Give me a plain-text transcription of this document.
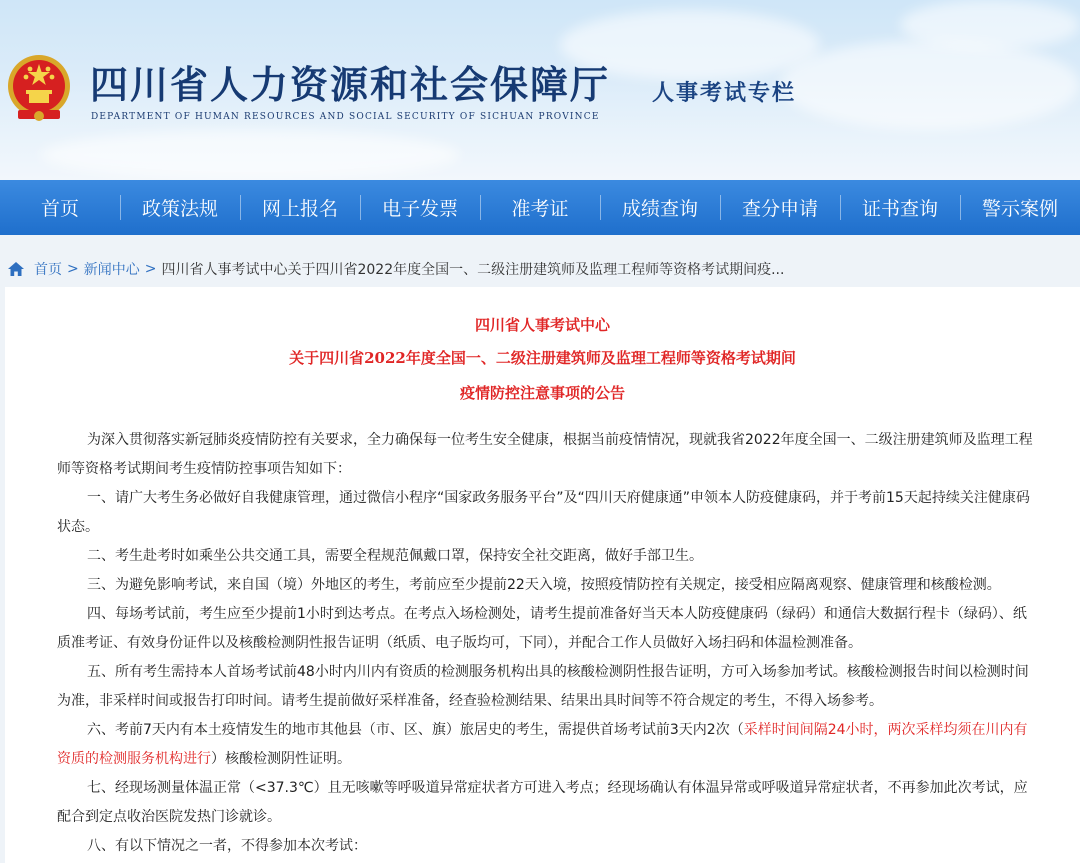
四川省人力资源和社会保障厅
DEPARTMENT OF HUMAN RESOURCES AND SOCIAL SECURITY OF SICHUAN PROVINCE
人事考试专栏
首页	政策法规	网上报名	电子发票	准考证	成绩查询	查分申请	证书查询	警示案例
首页 > 新闻中心 > 四川省人事考试中心关于四川省2022年度全国一、二级注册建筑师及监理工程师等资格考试期间疫...
四川省人事考试中心
关于四川省2022年度全国一、二级注册建筑师及监理工程师等资格考试期间
疫情防控注意事项的公告

为深入贯彻落实新冠肺炎疫情防控有关要求，全力确保每一位考生安全健康，根据当前疫情情况，现就我省2022年度全国一、二级注册建筑师及监理工程师等资格考试期间考生疫情防控事项告知如下：

一、请广大考生务必做好自我健康管理，通过微信小程序“国家政务服务平台”及“四川天府健康通”申领本人防疫健康码，并于考前15天起持续关注健康码状态。

二、考生赴考时如乘坐公共交通工具，需要全程规范佩戴口罩，保持安全社交距离，做好手部卫生。

三、为避免影响考试，来自国（境）外地区的考生，考前应至少提前22天入境，按照疫情防控有关规定，接受相应隔离观察、健康管理和核酸检测。

四、每场考试前，考生应至少提前1小时到达考点。在考点入场检测处，请考生提前准备好当天本人防疫健康码（绿码）和通信大数据行程卡（绿码）、纸质准考证、有效身份证件以及核酸检测阴性报告证明（纸质、电子版均可，下同），并配合工作人员做好入场扫码和体温检测准备。

五、所有考生需持本人首场考试前48小时内川内有资质的检测服务机构出具的核酸检测阴性报告证明，方可入场参加考试。核酸检测报告时间以检测时间为准，非采样时间或报告打印时间。请考生提前做好采样准备，经查验检测结果、结果出具时间等不符合规定的考生，不得入场参考。

六、考前7天内有本土疫情发生的地市其他县（市、区、旗）旅居史的考生，需提供首场考试前3天内2次（采样时间间隔24小时，两次采样均须在川内有资质的检测服务机构进行）核酸检测阴性证明。

七、经现场测量体温正常（<37.3℃）且无咳嗽等呼吸道异常症状者方可进入考点；经现场确认有体温异常或呼吸道异常症状者，不再参加此次考试，应配合到定点收治医院发热门诊就诊。

八、有以下情况之一者，不得参加本次考试：
